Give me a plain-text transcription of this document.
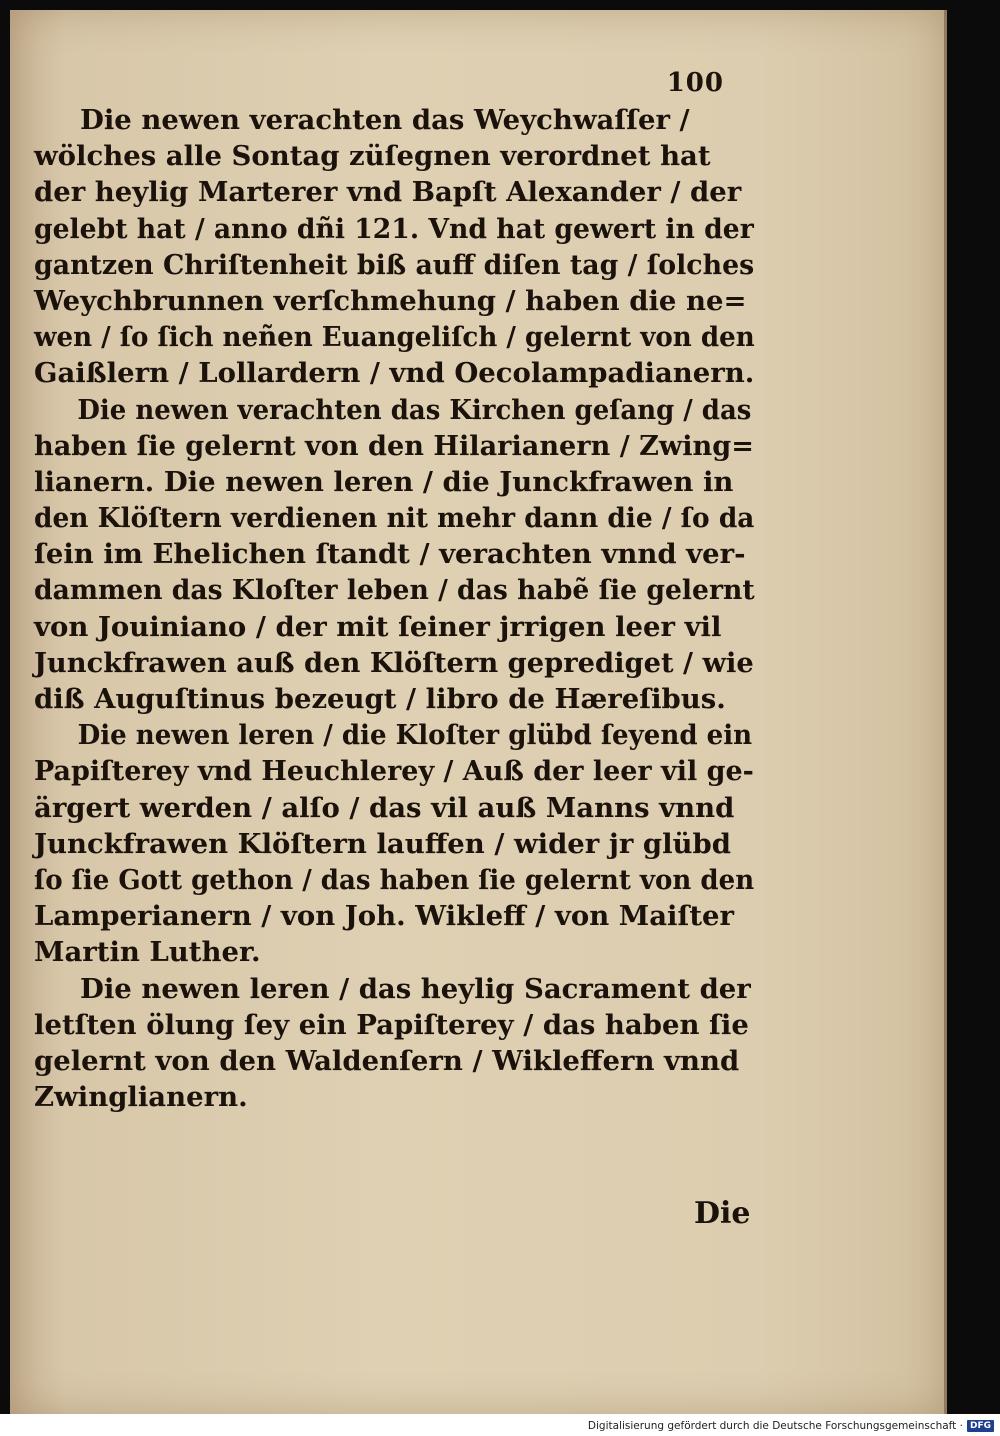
100
Die newen verachten das Weychwaſſer /
wölches alle Sontag züſegnen verordnet hat
der heylig Marterer vnd Bapſt Alexander / der
gelebt hat / anno dñi 121. Vnd hat gewert in der
gantzen Chriſtenheit biß auff diſen tag / ſolches
Weychbrunnen verſchmehung / haben die ne=
wen / ſo ſich neñen Euangeliſch / gelernt von den
Gaißlern / Lollardern / vnd Oecolampadianern.
Die newen verachten das Kirchen geſang / das
haben ſie gelernt von den Hilarianern / Zwing=
lianern. Die newen leren / die Junckfrawen in
den Klöſtern verdienen nit mehr dann die / ſo da
ſein im Ehelichen ſtandt / verachten vnnd ver-
dammen das Kloſter leben / das habẽ ſie gelernt
von Jouiniano / der mit ſeiner jrrigen leer vil
Junckfrawen auß den Klöſtern geprediget / wie
diß Auguſtinus bezeugt / libro de Hæreſibus.
Die newen leren / die Kloſter glübd ſeyend ein
Papiſterey vnd Heuchlerey / Auß der leer vil ge-
ärgert werden / alſo / das vil auß Manns vnnd
Junckfrawen Klöſtern lauffen / wider jr glübd
ſo ſie Gott gethon / das haben ſie gelernt von den
Lamperianern / von Joh. Wikleff / von Maiſter
Martin Luther.
Die newen leren / das heylig Sacrament der
letſten ölung ſey ein Papiſterey / das haben ſie
gelernt von den Waldenſern / Wikleffern vnnd
Zwinglianern.
Die
Digitalisierung gefördert durch die Deutsche Forschungsgemeinschaft · DFG
